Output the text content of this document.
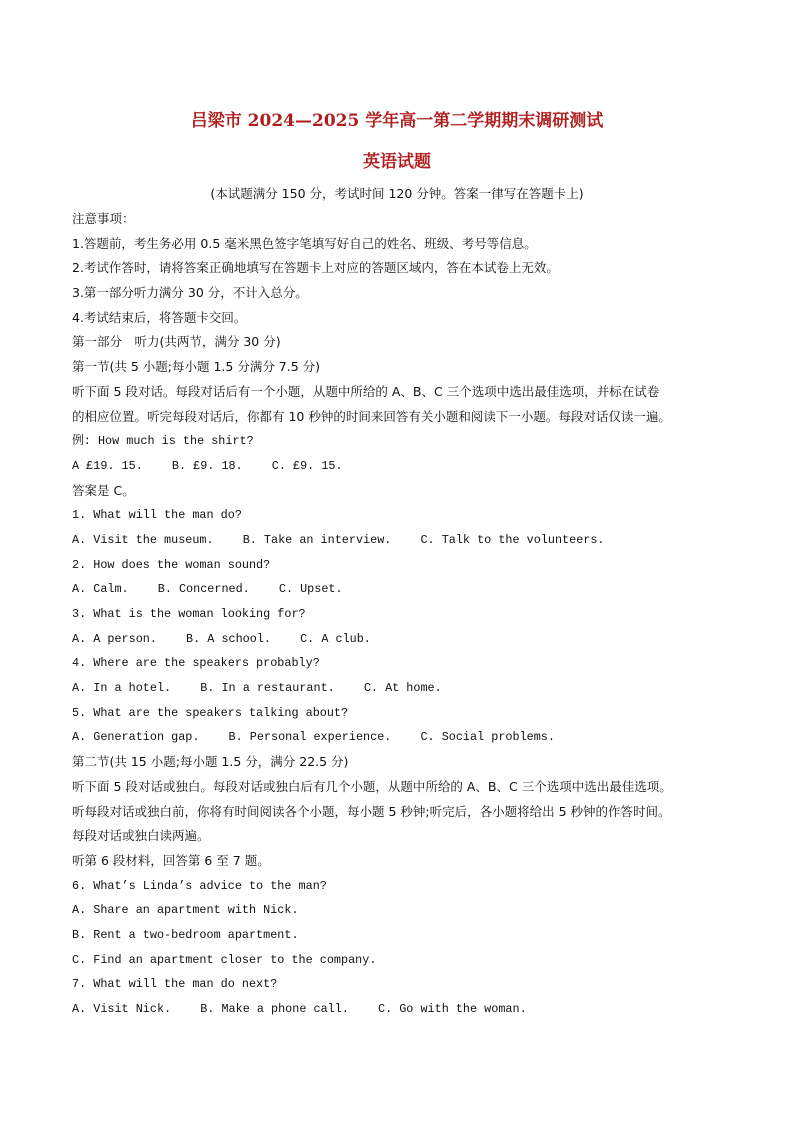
吕梁市 2024—2025 学年高一第二学期期末调研测试
英语试题
(本试题满分 150 分，考试时间 120 分钟。答案一律写在答题卡上)
注意事项：
1.答题前，考生务必用 0.5 毫米黑色签字笔填写好自己的姓名、班级、考号等信息。
2.考试作答时，请将答案正确地填写在答题卡上对应的答题区域内，答在本试卷上无效。
3.第一部分听力满分 30 分，不计入总分。
4.考试结束后，将答题卡交回。
第一部分　听力(共两节，满分 30 分)
第一节(共 5 小题;每小题 1.5 分满分 7.5 分)
听下面 5 段对话。每段对话后有一个小题，从题中所给的 A、B、C 三个选项中选出最佳选项，并标在试卷
的相应位置。听完每段对话后，你都有 10 秒钟的时间来回答有关小题和阅读下一小题。每段对话仅读一遍。
例: How much is the shirt?
A £19. 15. B. £9. 18. C. £9. 15.
答案是 C。
1. What will the man do?
A. Visit the museum. B. Take an interview. C. Talk to the volunteers.
2. How does the woman sound?
A. Calm. B. Concerned. C. Upset.
3. What is the woman looking for?
A. A person. B. A school. C. A club.
4. Where are the speakers probably?
A. In a hotel. B. In a restaurant. C. At home.
5. What are the speakers talking about?
A. Generation gap. B. Personal experience. C. Social problems.
第二节(共 15 小题;每小题 1.5 分，满分 22.5 分)
听下面 5 段对话或独白。每段对话或独白后有几个小题，从题中所给的 A、B、C 三个选项中选出最佳选项。
听每段对话或独白前，你将有时间阅读各个小题，每小题 5 秒钟;听完后，各小题将给出 5 秒钟的作答时间。
每段对话或独白读两遍。
听第 6 段材料，回答第 6 至 7 题。
6. What’s Linda’s advice to the man?
A. Share an apartment with Nick.
B. Rent a two-bedroom apartment.
C. Find an apartment closer to the company.
7. What will the man do next?
A. Visit Nick. B. Make a phone call. C. Go with the woman.
